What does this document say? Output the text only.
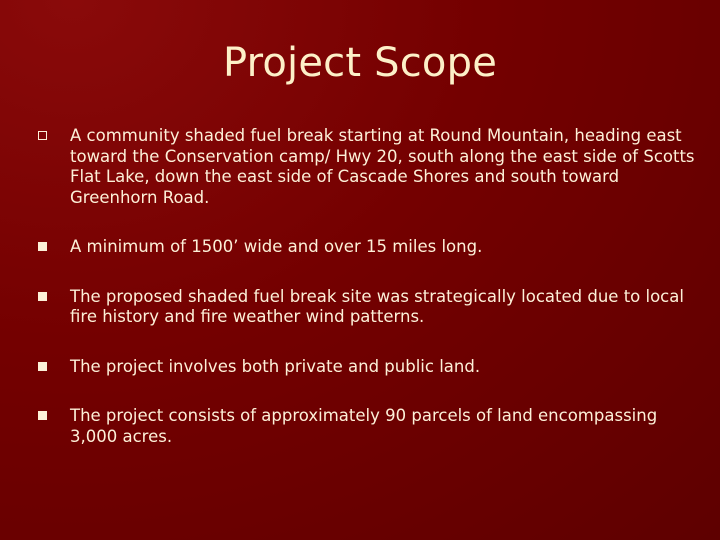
Project Scope
A community shaded fuel break starting at Round Mountain, heading east toward the Conservation camp/ Hwy 20, south along the east side of Scotts Flat Lake, down the east side of Cascade Shores and south toward Greenhorn Road.
A minimum of 1500’ wide and over 15 miles long.
The proposed shaded fuel break site was strategically located due to local fire history and fire weather wind patterns.
The project involves both private and public land.
The project consists of approximately 90 parcels of land encompassing 3,000 acres.
